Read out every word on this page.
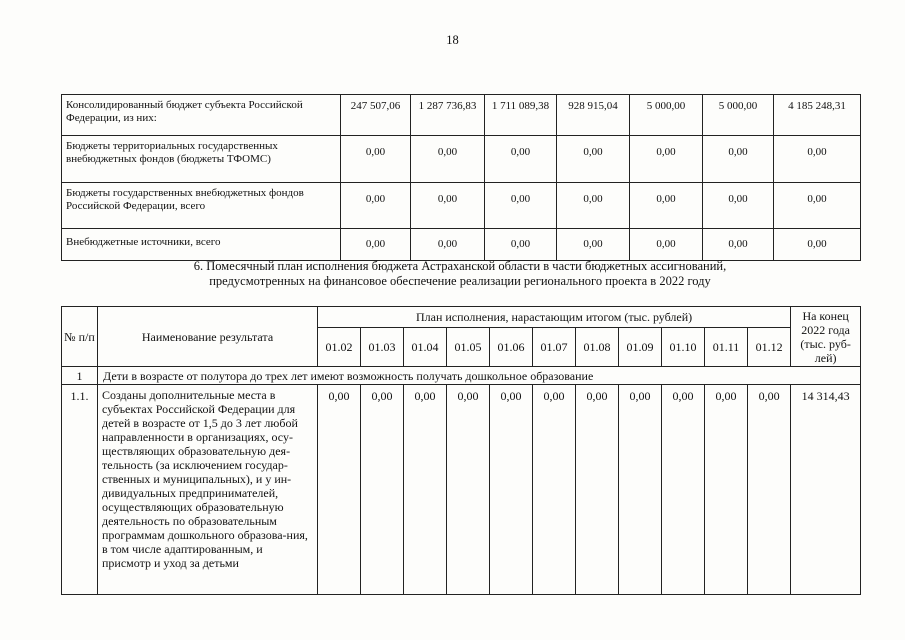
18
Консолидированный бюджет субъекта Российской Федерации, из них:	247 507,06	1 287 736,83	1 711 089,38	928 915,04	5 000,00	5 000,00	4 185 248,31
Бюджеты территориальных государственных внебюджетных фондов (бюджеты ТФОМС)	0,00	0,00	0,00	0,00	0,00	0,00	0,00
Бюджеты государственных внебюджетных фондов Российской Федерации, всего	0,00	0,00	0,00	0,00	0,00	0,00	0,00
Внебюджетные источники, всего	0,00	0,00	0,00	0,00	0,00	0,00	0,00
6. Помесячный план исполнения бюджета Астраханской области в части бюджетных ассигнований,
предусмотренных на финансовое обеспечение реализации регионального проекта в 2022 году
№ п/п	Наименование результата	План исполнения, нарастающим итогом (тыс. рублей)											На конец 2022 года (тыс. руб-лей)
		01.02	01.03	01.04	01.05	01.06	01.07	01.08	01.09	01.10	01.11	01.12	
1	Дети в возрасте от полутора до трех лет имеют возможность получать дошкольное образование												
1.1.	Созданы дополнительные места в субъектах Российской Федерации для детей в возрасте от 1,5 до 3 лет любой направленности в организациях, осу-ществляющих образовательную дея-тельность (за исключением государ-ственных и муниципальных), и у ин-дивидуальных предпринимателей, осуществляющих образовательную деятельность по образовательным программам дошкольного образова-ния, в том числе адаптированным, и присмотр и уход за детьми	0,00	0,00	0,00	0,00	0,00	0,00	0,00	0,00	0,00	0,00	0,00	14 314,43
